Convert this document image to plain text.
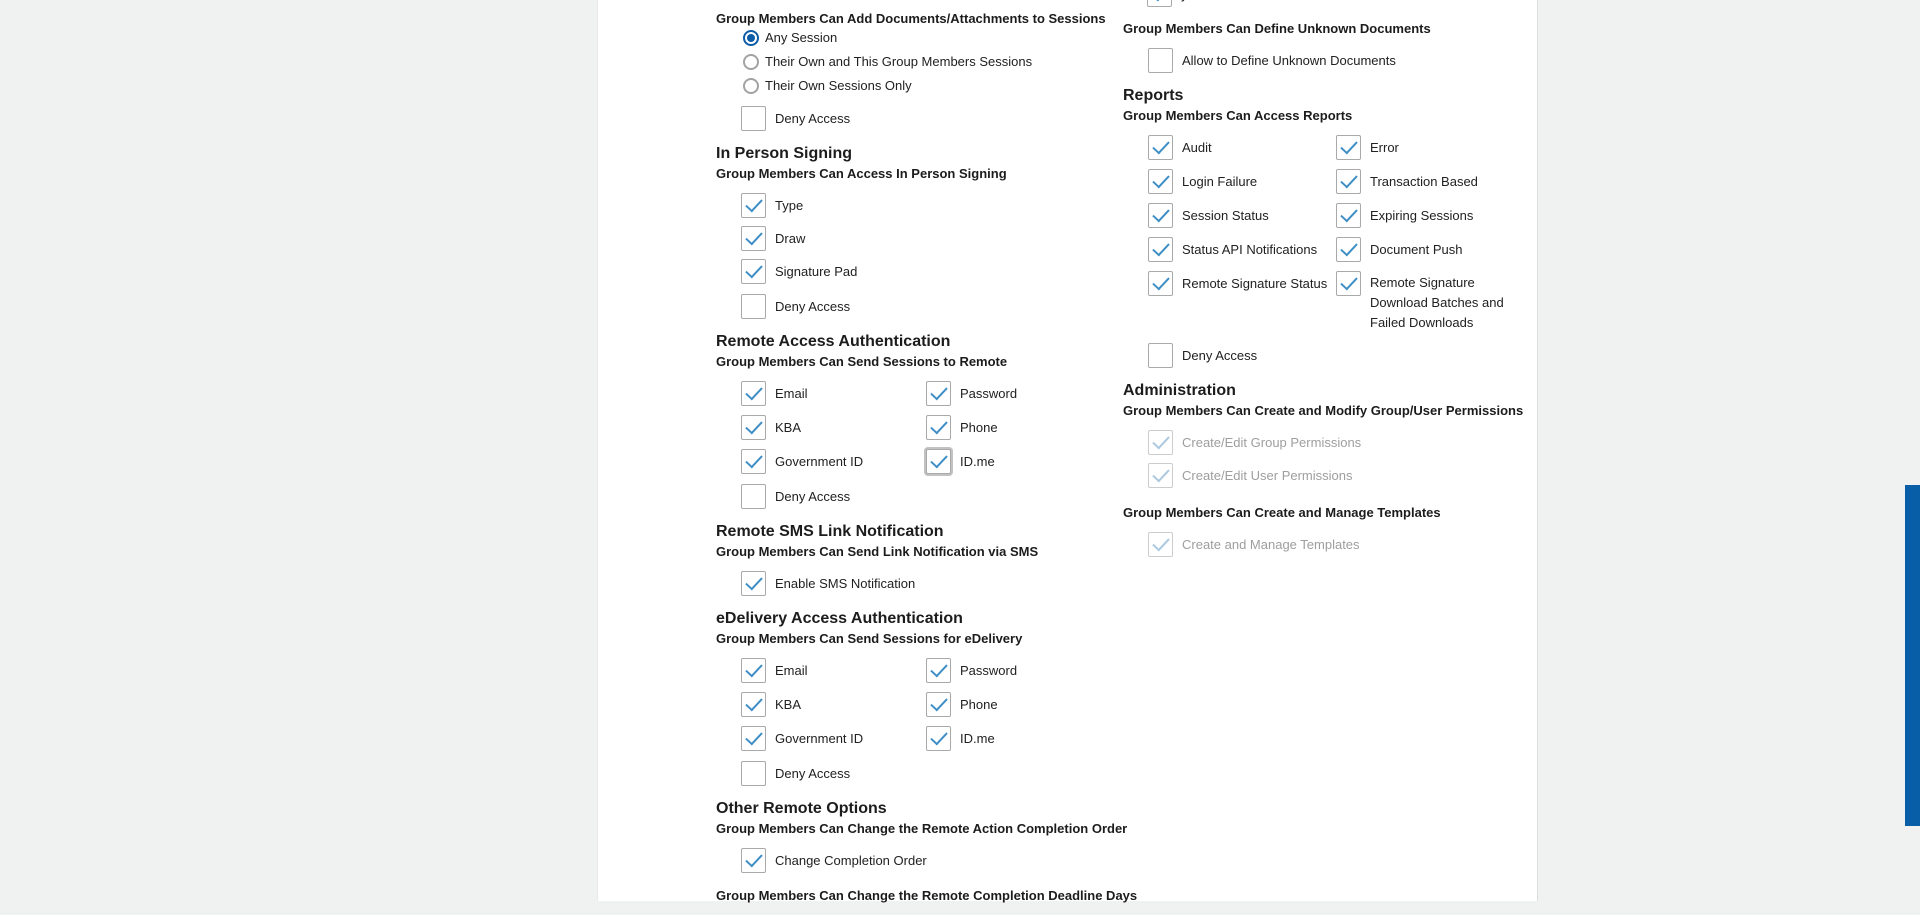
Group Members Can Add Documents/Attachments to Sessions
Any Session
Their Own and This Group Members Sessions
Their Own Sessions Only
Deny Access
In Person Signing
Group Members Can Access In Person Signing
Type
Draw
Signature Pad
Deny Access
Remote Access Authentication
Group Members Can Send Sessions to Remote
Email	Password
KBA	Phone
Government ID	ID.me
Deny Access
Remote SMS Link Notification
Group Members Can Send Link Notification via SMS
Enable SMS Notification
eDelivery Access Authentication
Group Members Can Send Sessions for eDelivery
Email	Password
KBA	Phone
Government ID	ID.me
Deny Access
Other Remote Options
Group Members Can Change the Remote Action Completion Order
Change Completion Order
Group Members Can Change the Remote Completion Deadline Days
Group Members Can Define Unknown Documents
Allow to Define Unknown Documents
Reports
Group Members Can Access Reports
Audit	Error
Login Failure	Transaction Based
Session Status	Expiring Sessions
Status API Notifications	Document Push
Remote Signature Status	Remote Signature Download Batches and Failed Downloads
Deny Access
Administration
Group Members Can Create and Modify Group/User Permissions
Create/Edit Group Permissions
Create/Edit User Permissions
Group Members Can Create and Manage Templates
Create and Manage Templates
